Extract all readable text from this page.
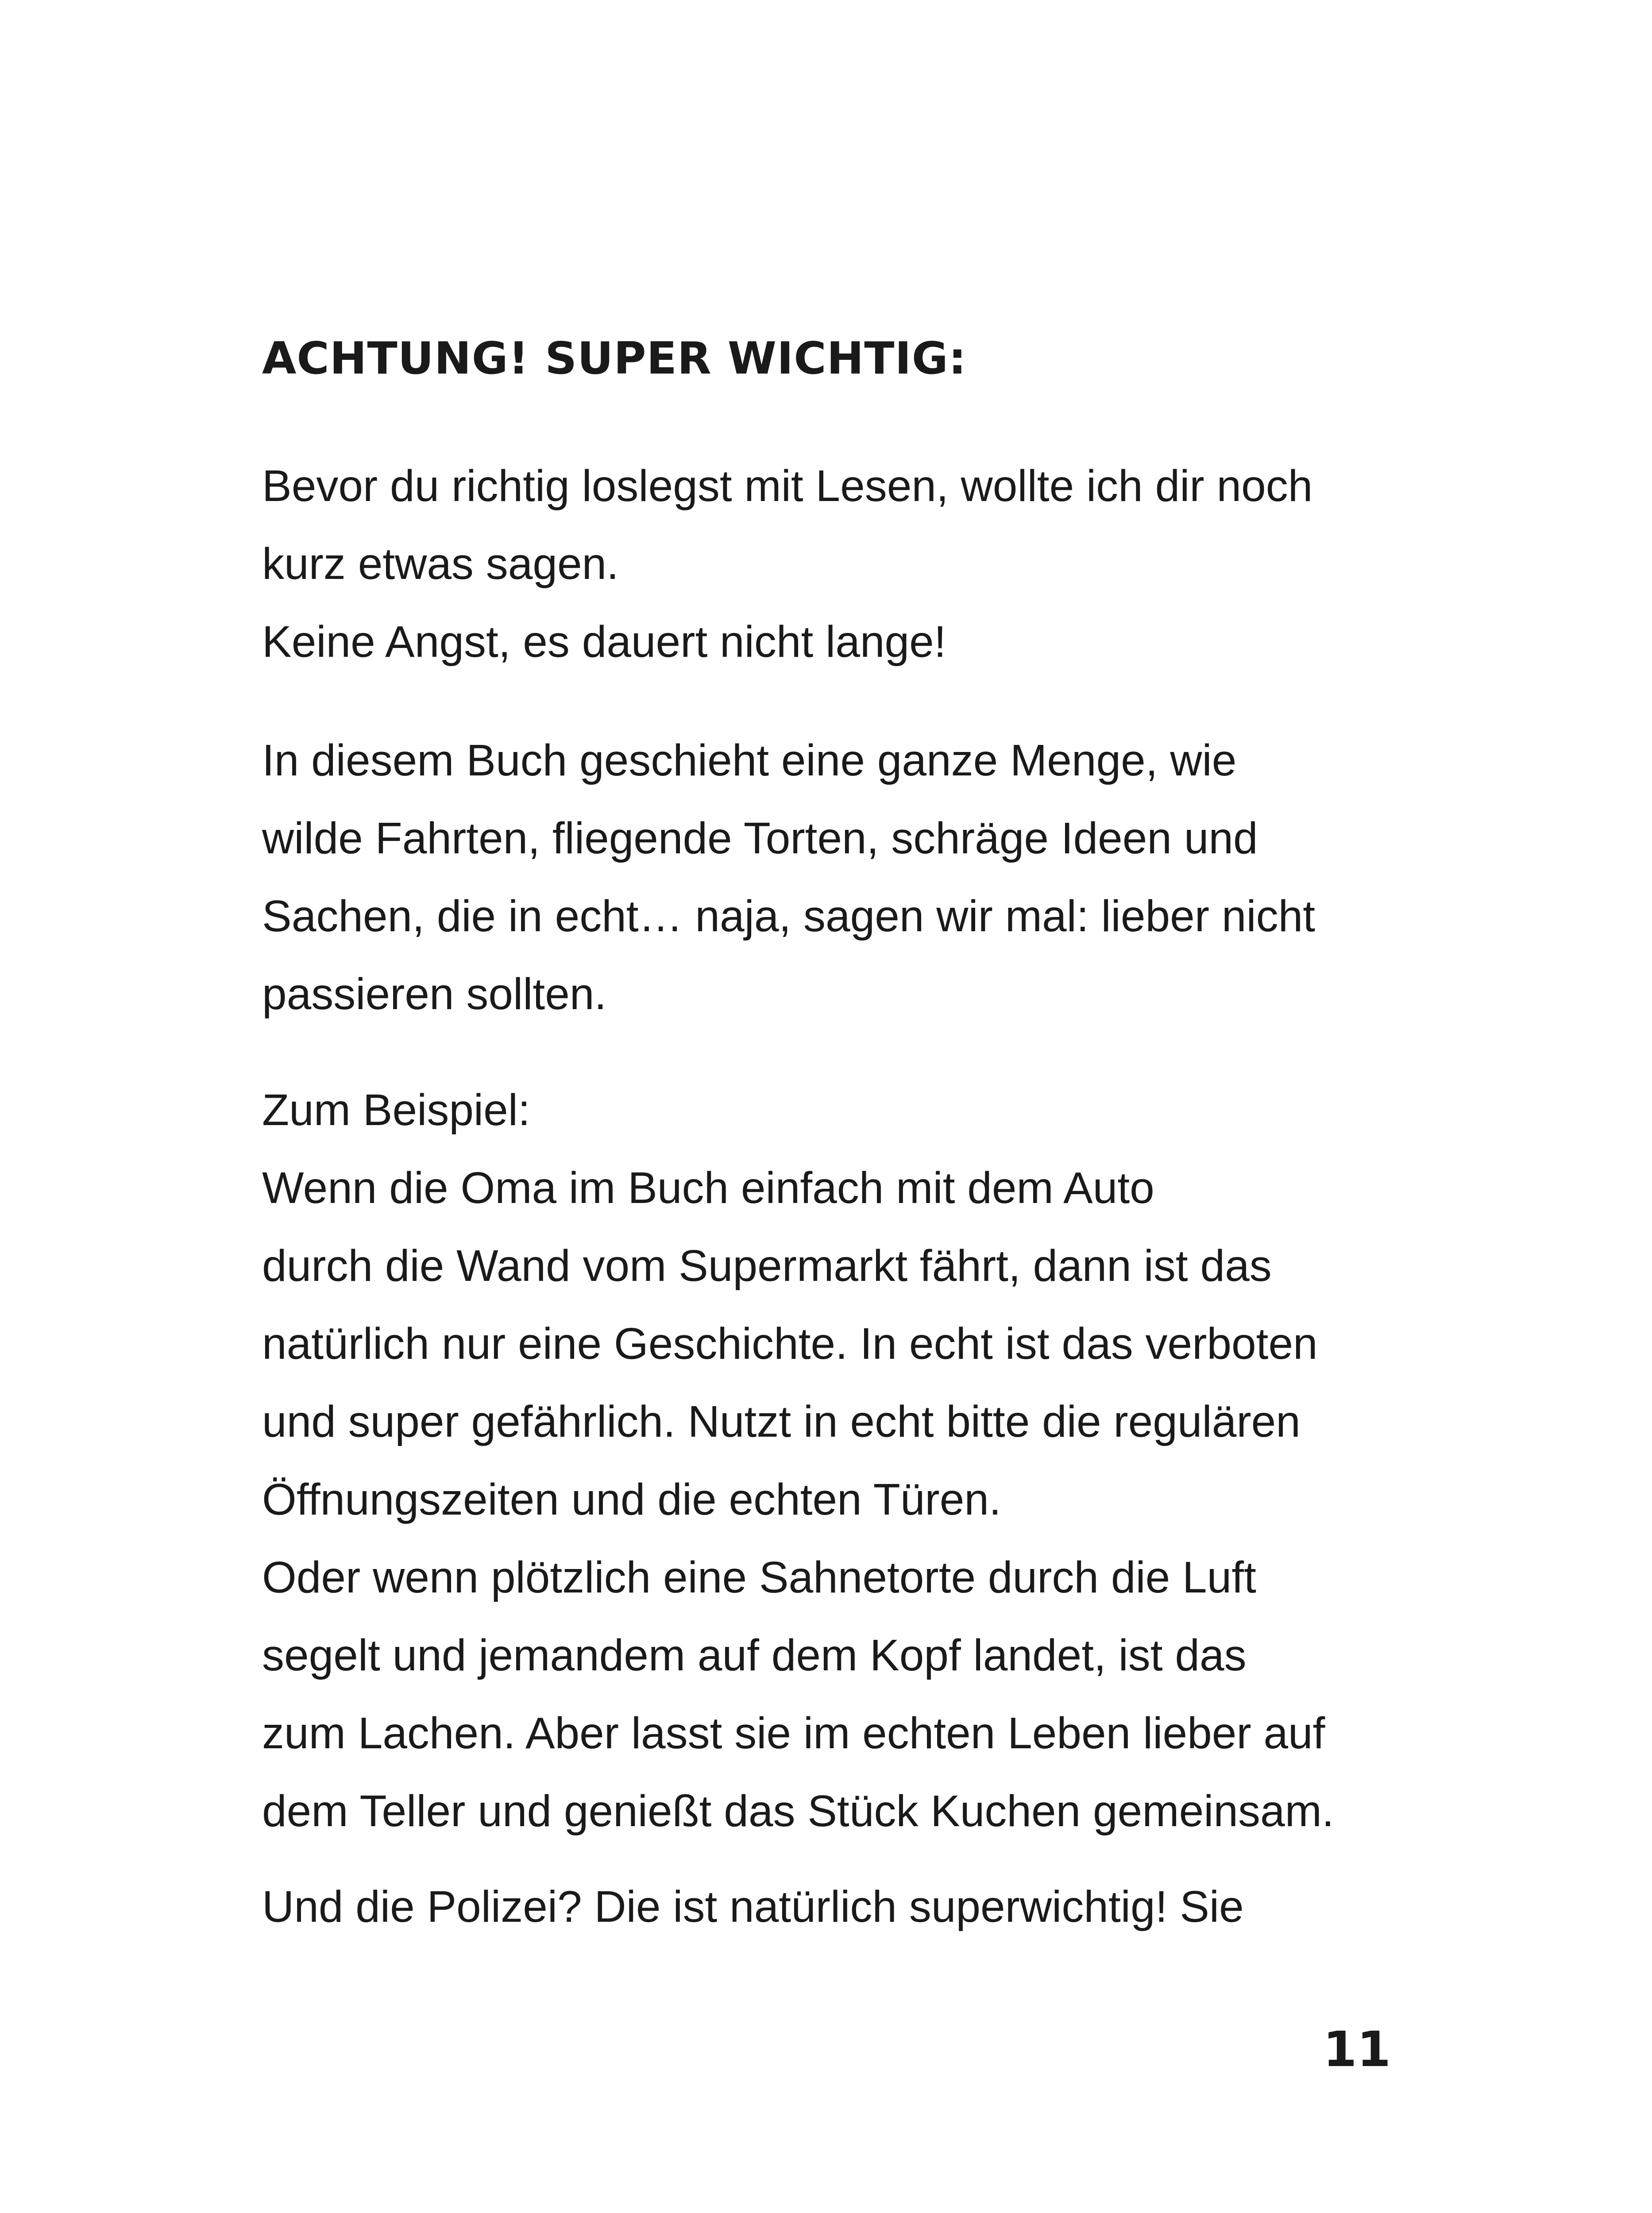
ACHTUNG! SUPER WICHTIG:
Bevor du richtig loslegst mit Lesen, wollte ich dir noch
kurz etwas sagen.
Keine Angst, es dauert nicht lange!
In diesem Buch geschieht eine ganze Menge, wie
wilde Fahrten, fliegende Torten, schräge Ideen und
Sachen, die in echt… naja, sagen wir mal: lieber nicht
passieren sollten.
Zum Beispiel:
Wenn die Oma im Buch einfach mit dem Auto
durch die Wand vom Supermarkt fährt, dann ist das
natürlich nur eine Geschichte. In echt ist das verboten
und super gefährlich. Nutzt in echt bitte die regulären
Öffnungszeiten und die echten Türen.
Oder wenn plötzlich eine Sahnetorte durch die Luft
segelt und jemandem auf dem Kopf landet, ist das
zum Lachen. Aber lasst sie im echten Leben lieber auf
dem Teller und genießt das Stück Kuchen gemeinsam.
Und die Polizei? Die ist natürlich superwichtig! Sie
11
